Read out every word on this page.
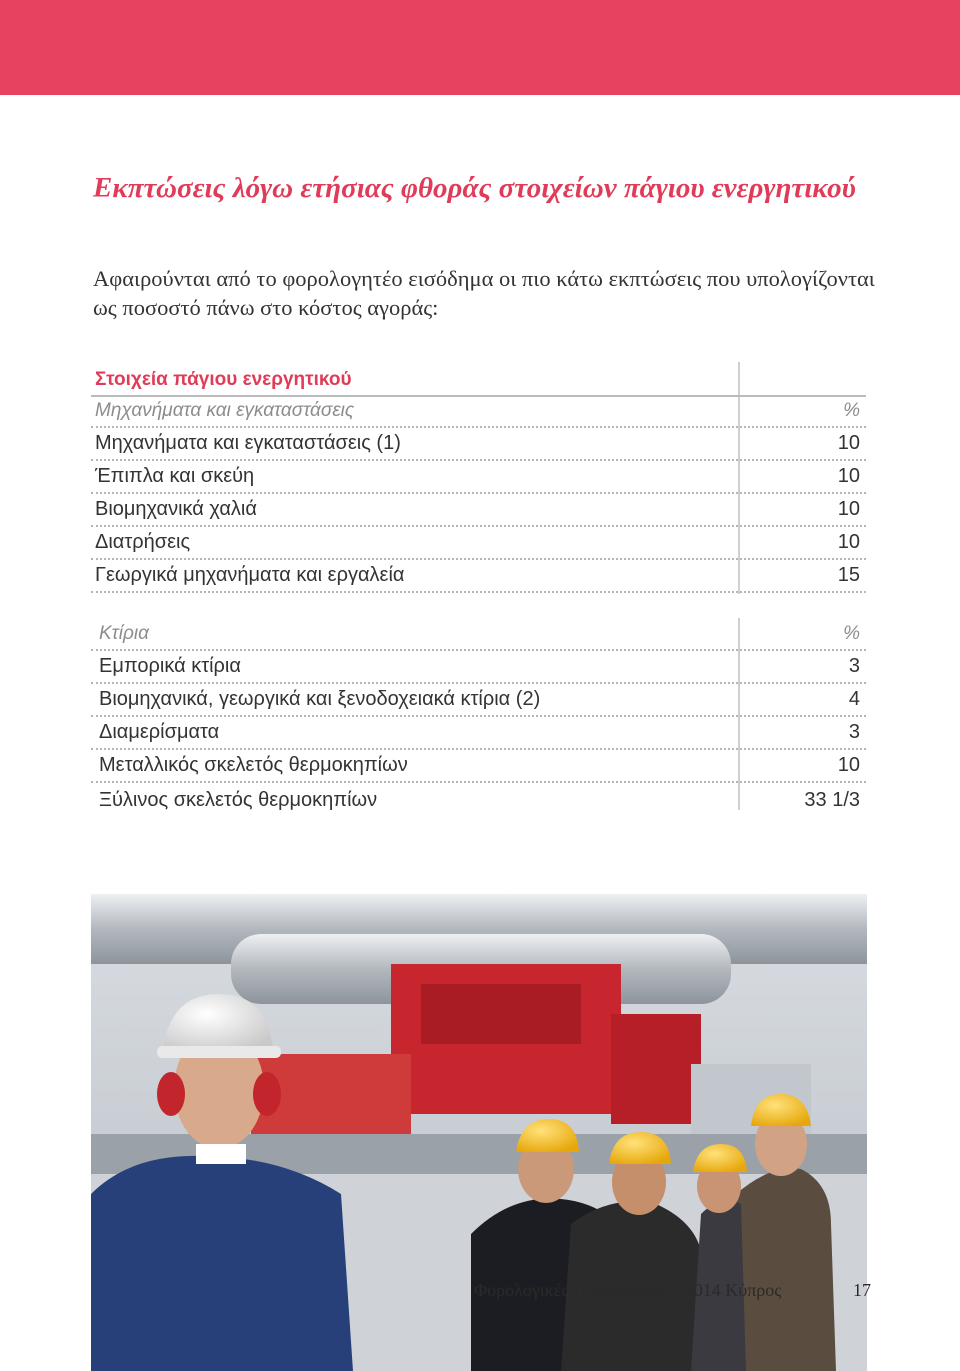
Εκπτώσεις λόγω ετήσιας φθοράς στοιχείων πάγιου ενεργητικού

Αφαιρούνται από το φορολογητέο εισόδημα οι πιο κάτω εκπτώσεις που υπολογίζονται ως ποσοστό πάνω στο κόστος αγοράς:

Στοιχεία πάγιου ενεργητικού
Μηχανήματα και εγκαταστάσεις	%
Μηχανήματα και εγκαταστάσεις (1)	10
Έπιπλα και σκεύη	10
Βιομηχανικά χαλιά	10
Διατρήσεις	10
Γεωργικά μηχανήματα και εργαλεία	15
Κτίρια	%
Εμπορικά κτίρια	3
Βιομηχανικά, γεωργικά και ξενοδοχειακά κτίρια (2)	4
Διαμερίσματα	3
Μεταλλικός σκελετός θερμοκηπίων	10
Ξύλινος σκελετός θερμοκηπίων	33 1/3
Φορολογικές Πληροφορίες - 2014 Κύπρος	17
